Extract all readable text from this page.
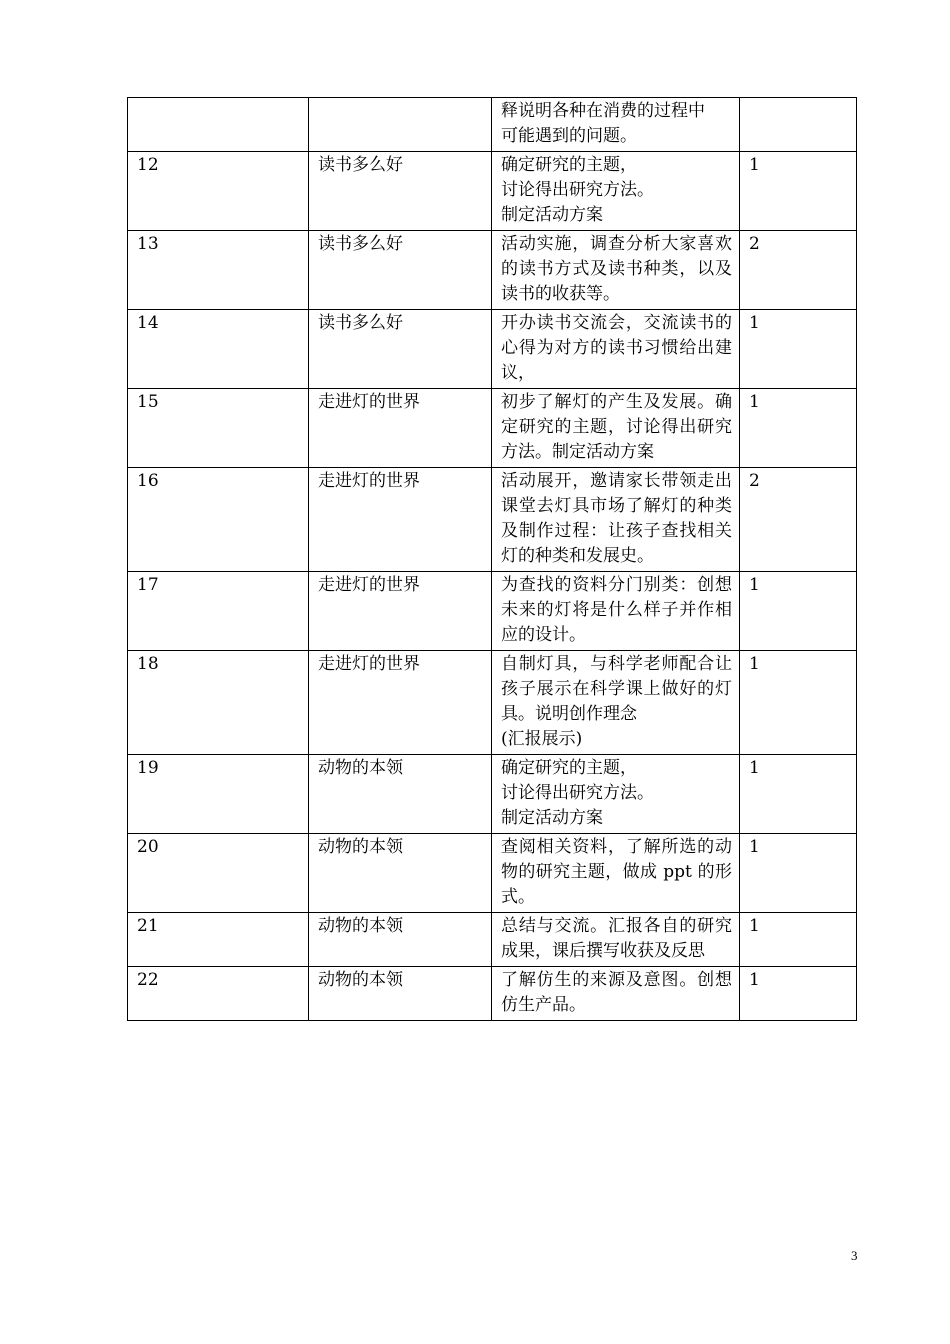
		释说明各种在消费的过程中
可能遇到的问题。	
12	读书多么好	确定研究的主题，
讨论得出研究方法。
制定活动方案	1
13	读书多么好	活动实施，调查分析大家喜欢的读书方式及读书种类，以及读书的收获等。	2
14	读书多么好	开办读书交流会，交流读书的心得为对方的读书习惯给出建议，	1
15	走进灯的世界	初步了解灯的产生及发展。确定研究的主题，讨论得出研究方法。制定活动方案	1
16	走进灯的世界	活动展开，邀请家长带领走出课堂去灯具市场了解灯的种类及制作过程：让孩子查找相关灯的种类和发展史。	2
17	走进灯的世界	为查找的资料分门别类：创想未来的灯将是什么样子并作相应的设计。	1
18	走进灯的世界	自制灯具，与科学老师配合让孩子展示在科学课上做好的灯具。说明创作理念
(汇报展示)	1
19	动物的本领	确定研究的主题，
讨论得出研究方法。
制定活动方案	1
20	动物的本领	查阅相关资料，了解所选的动物的研究主题，做成 ppt 的形式。	1
21	动物的本领	总结与交流。汇报各自的研究成果，课后撰写收获及反思	1
22	动物的本领	了解仿生的来源及意图。创想仿生产品。	1
3
